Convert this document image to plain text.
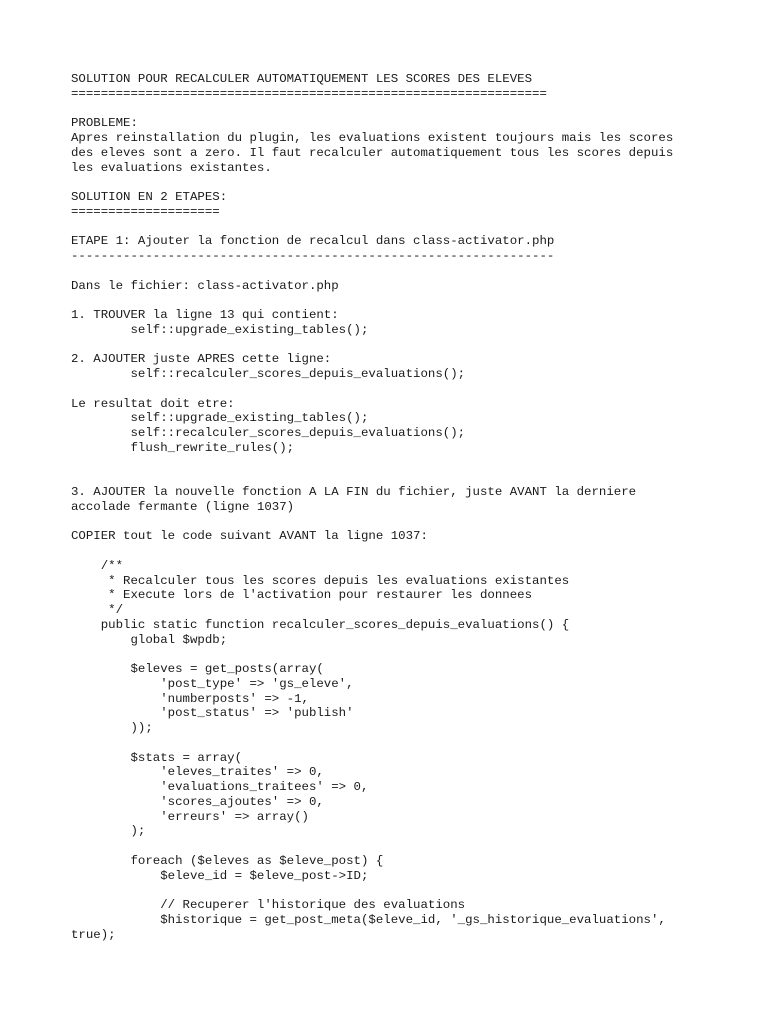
SOLUTION POUR RECALCULER AUTOMATIQUEMENT LES SCORES DES ELEVES
================================================================

PROBLEME:
Apres reinstallation du plugin, les evaluations existent toujours mais les scores
des eleves sont a zero. Il faut recalculer automatiquement tous les scores depuis
les evaluations existantes.

SOLUTION EN 2 ETAPES:
====================

ETAPE 1: Ajouter la fonction de recalcul dans class-activator.php
-----------------------------------------------------------------

Dans le fichier: class-activator.php

1. TROUVER la ligne 13 qui contient:
self::upgrade_existing_tables();

2. AJOUTER juste APRES cette ligne:
self::recalculer_scores_depuis_evaluations();

Le resultat doit etre:
self::upgrade_existing_tables();
self::recalculer_scores_depuis_evaluations();
flush_rewrite_rules();

3. AJOUTER la nouvelle fonction A LA FIN du fichier, juste AVANT la derniere
accolade fermante (ligne 1037)

COPIER tout le code suivant AVANT la ligne 1037:

/**
* Recalculer tous les scores depuis les evaluations existantes
* Execute lors de l'activation pour restaurer les donnees
*/
public static function recalculer_scores_depuis_evaluations() {
global $wpdb;

$eleves = get_posts(array(
'post_type' => 'gs_eleve',
'numberposts' => -1,
'post_status' => 'publish'
));

$stats = array(
'eleves_traites' => 0,
'evaluations_traitees' => 0,
'scores_ajoutes' => 0,
'erreurs' => array()
);

foreach ($eleves as $eleve_post) {
$eleve_id = $eleve_post->ID;

// Recuperer l'historique des evaluations
$historique = get_post_meta($eleve_id, '_gs_historique_evaluations',
true);
